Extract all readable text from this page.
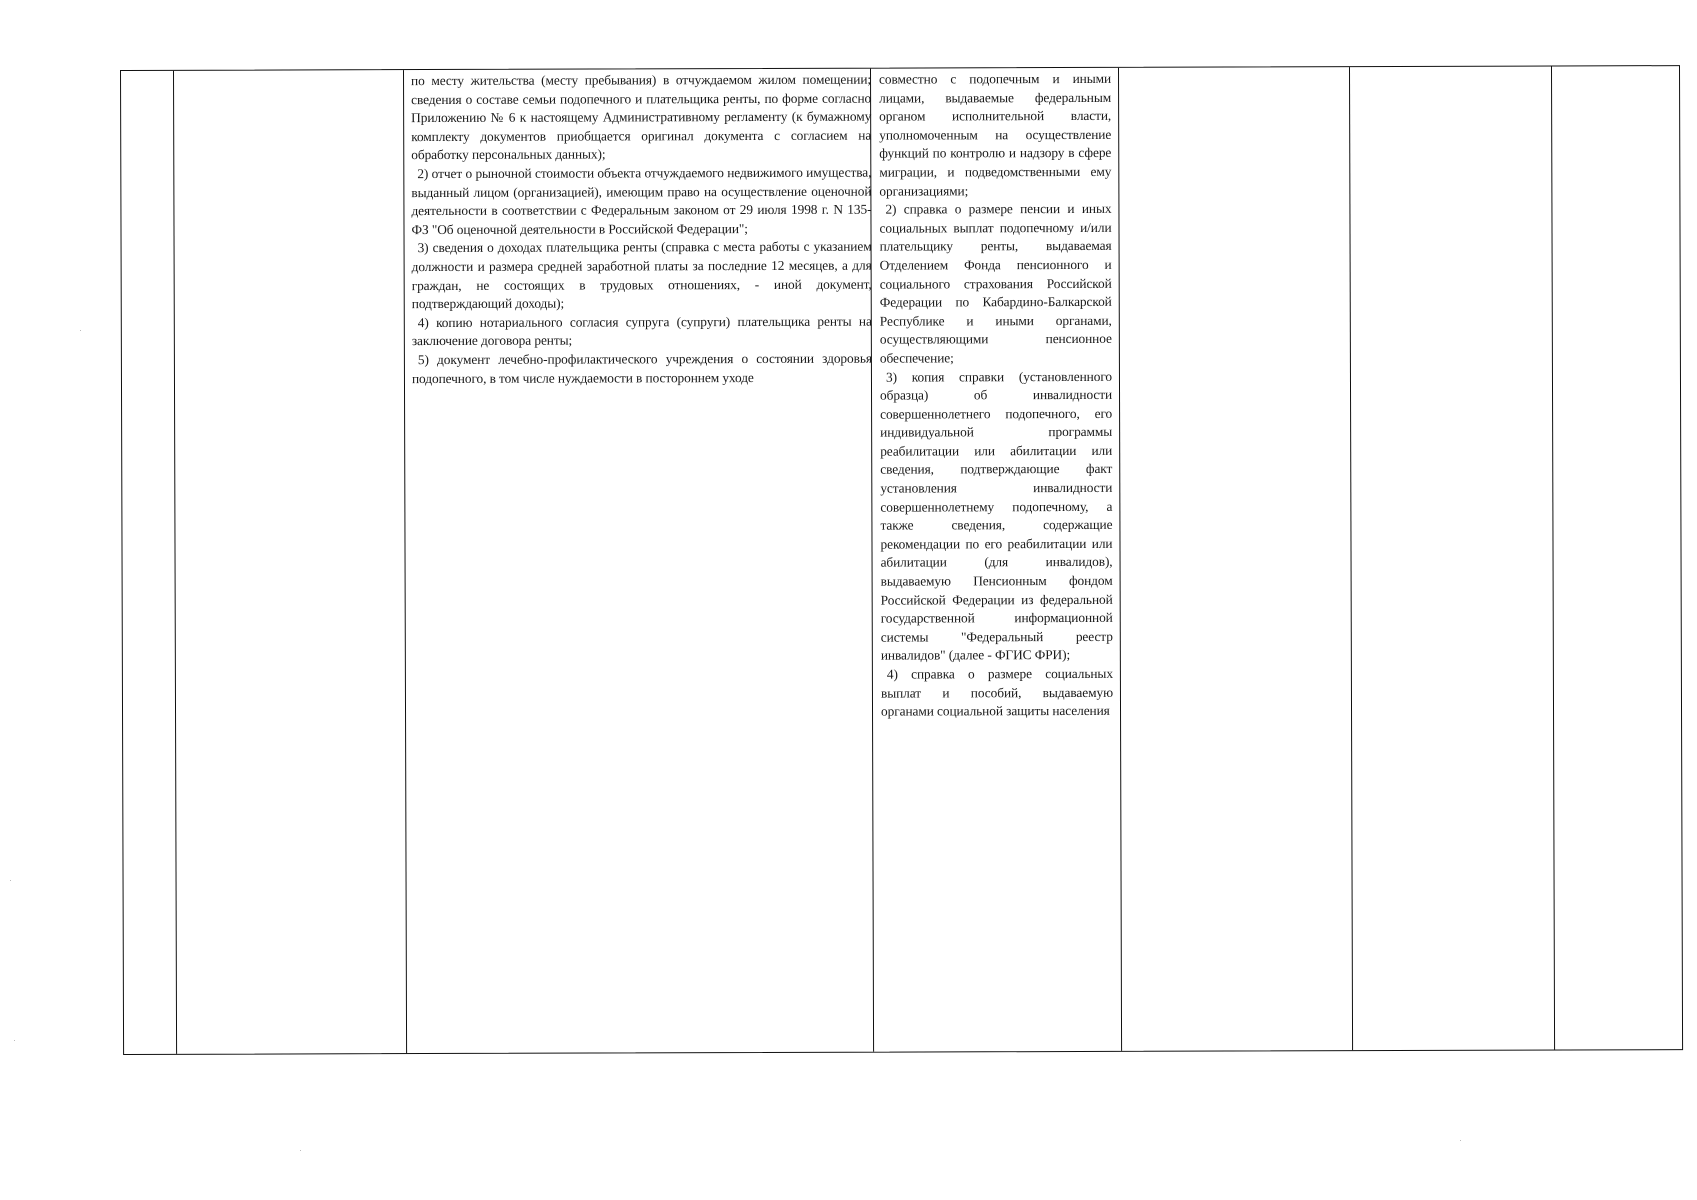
по месту жительства (месту пребывания) в отчуждаемом жилом помещении; сведения о составе семьи подопечного и плательщика ренты, по форме согласно Приложению № 6 к настоящему Административному регламенту (к бумажному комплекту документов приобщается оригинал документа с согласием на обработку персональных данных);

2) отчет о рыночной стоимости объекта отчуждаемого недвижимого имущества, выданный лицом (организацией), имеющим право на осуществление оценочной деятельности в соответствии с Федеральным законом от 29 июля 1998 г. N 135-ФЗ "Об оценочной деятельности в Российской Федерации";

3) сведения о доходах плательщика ренты (справка с места работы с указанием должности и размера средней заработной платы за последние 12 месяцев, а для граждан, не состоящих в трудовых отношениях, - иной документ, подтверждающий доходы);

4) копию нотариального согласия супруга (супруги) плательщика ренты на заключение договора ренты;

5) документ лечебно-профилактического учреждения о состоянии здоровья подопечного, в том числе нуждаемости в постороннем уходе

совместно с подопечным и иными лицами, выдаваемые федеральным органом исполнительной власти, уполномоченным на осуществление функций по контролю и надзору в сфере миграции, и подведомственными ему организациями;

2) справка о размере пенсии и иных социальных выплат подопечному и/или плательщику ренты, выдаваемая Отделением Фонда пенсионного и социального страхования Российской Федерации по Кабардино-Балкарской Республике и иными органами, осуществляющими пенсионное обеспечение;

3) копия справки (установленного образца) об инвалидности совершеннолетнего подопечного, его индивидуальной программы реабилитации или абилитации или сведения, подтверждающие факт установления инвалидности совершеннолетнему подопечному, а также сведения, содержащие рекомендации по его реабилитации или абилитации (для инвалидов), выдаваемую Пенсионным фондом Российской Федерации из федеральной государственной информационной системы "Федеральный реестр инвалидов" (далее - ФГИС ФРИ);

4) справка о размере социальных выплат и пособий, выдаваемую органами социальной защиты населения
